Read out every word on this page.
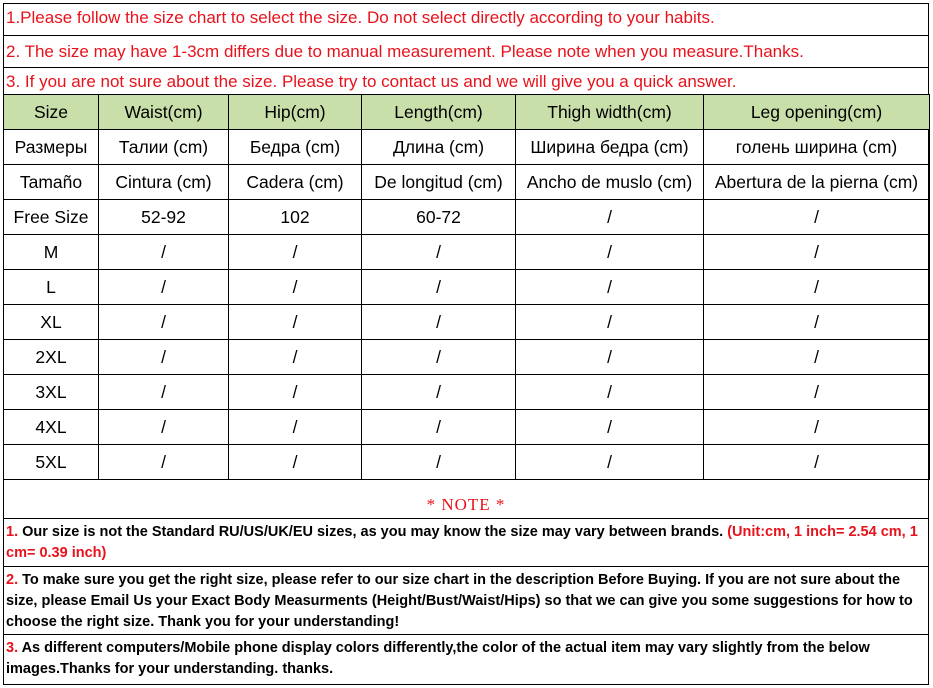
1.Please follow the size chart to select the size. Do not select directly according to your habits.
2. The size may have 1-3cm differs due to manual measurement. Please note when you measure.Thanks.
3. If you are not sure about the size. Please try to contact us and we will give you a quick answer.
Size	Waist(cm)	Hip(cm)	Length(cm)	Thigh width(cm)	Leg opening(cm)
Размеры	Талии (cm)	Бедра (cm)	Длина (cm)	Ширина бедра (cm)	голень ширина (cm)
Tamaño	Cintura (cm)	Cadera (cm)	De longitud (cm)	Ancho de muslo (cm)	Abertura de la pierna (cm)
Free Size	52-92	102	60-72	/	/
M	/	/	/	/	/
L	/	/	/	/	/
XL	/	/	/	/	/
2XL	/	/	/	/	/
3XL	/	/	/	/	/
4XL	/	/	/	/	/
5XL	/	/	/	/	/
* NOTE *
1. Our size is not the Standard RU/US/UK/EU sizes, as you may know the size may vary between brands. (Unit:cm, 1 inch= 2.54 cm, 1 cm= 0.39 inch)
2. To make sure you get the right size, please refer to our size chart in the description Before Buying. If you are not sure about the size, please Email Us your Exact Body Measurments (Height/Bust/Waist/Hips) so that we can give you some suggestions for how to choose the right size. Thank you for your understanding!
3. As different computers/Mobile phone display colors differently,the color of the actual item may vary slightly from the below images.Thanks for your understanding. thanks.
